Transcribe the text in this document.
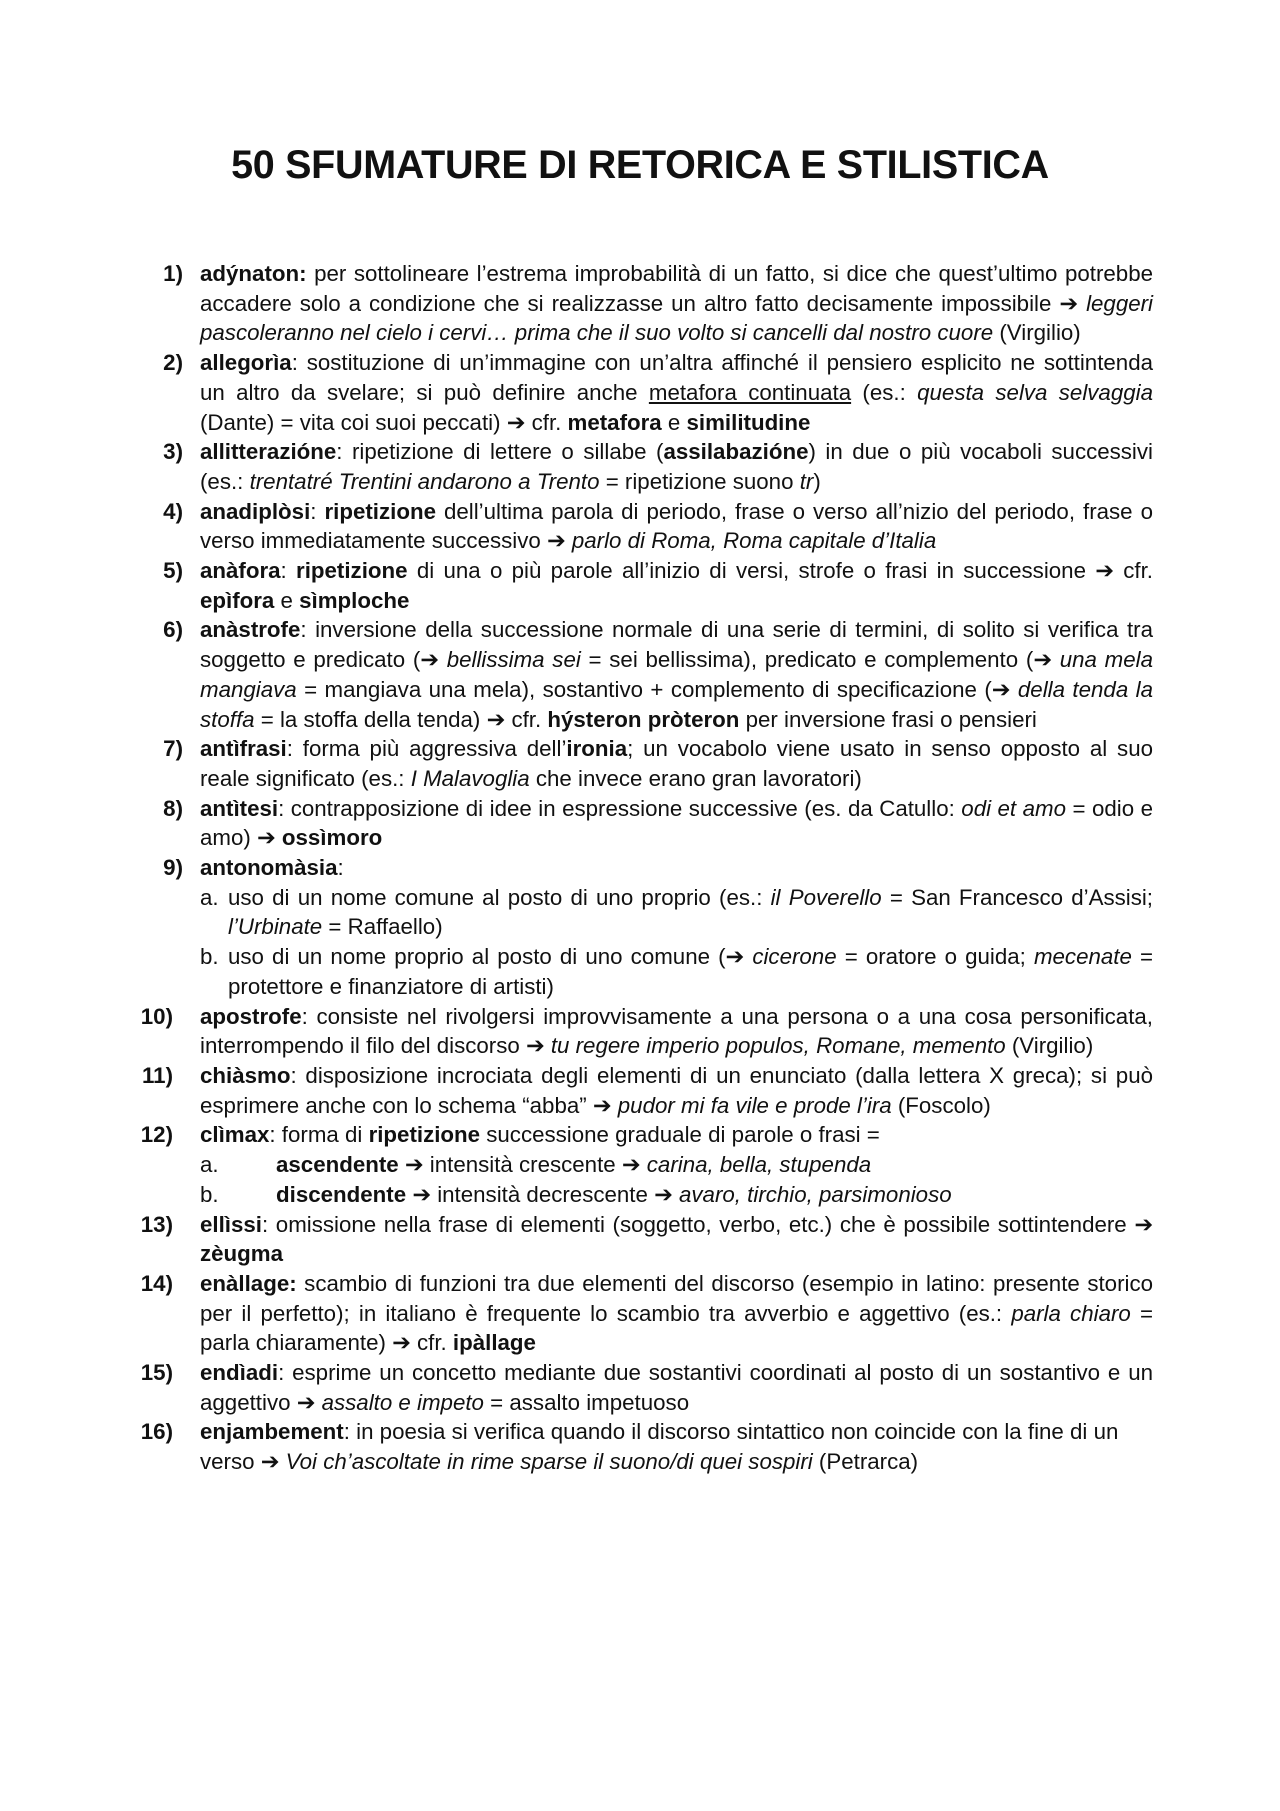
50 SFUMATURE DI RETORICA E STILISTICA
1) adýnaton: per sottolineare l’estrema improbabilità di un fatto, si dice che quest’ultimo potrebbe accadere solo a condizione che si realizzasse un altro fatto decisamente impossibile ➔ leggeri pascoleranno nel cielo i cervi… prima che il suo volto si cancelli dal nostro cuore (Virgilio)
2) allegorìa: sostituzione di un’immagine con un’altra affinché il pensiero esplicito ne sottintenda un altro da svelare; si può definire anche metafora continuata (es.: questa selva selvaggia (Dante) = vita coi suoi peccati) ➔ cfr. metafora e similitudine
3) allitterazióne: ripetizione di lettere o sillabe (assilabazióne) in due o più vocaboli successivi (es.: trentatré Trentini andarono a Trento = ripetizione suono tr)
4) anadiplòsi: ripetizione dell’ultima parola di periodo, frase o verso all’nizio del periodo, frase o verso immediatamente successivo ➔ parlo di Roma, Roma capitale d’Italia
5) anàfora: ripetizione di una o più parole all’inizio di versi, strofe o frasi in successione ➔ cfr. epìfora e sìmploche
6) anàstrofe: inversione della successione normale di una serie di termini, di solito si verifica tra soggetto e predicato (➔ bellissima sei = sei bellissima), predicato e complemento (➔ una mela mangiava = mangiava una mela), sostantivo + complemento di specificazione (➔ della tenda la stoffa = la stoffa della tenda) ➔ cfr. hýsteron pròteron per inversione frasi o pensieri
7) antìfrasi: forma più aggressiva dell’ironia; un vocabolo viene usato in senso opposto al suo reale significato (es.: I Malavoglia che invece erano gran lavoratori)
8) antìtesi: contrapposizione di idee in espressione successive (es. da Catullo: odi et amo = odio e amo) ➔ ossìmoro
9) antonomàsia:
a. uso di un nome comune al posto di uno proprio (es.: il Poverello = San Francesco d’Assisi; l’Urbinate = Raffaello)
b. uso di un nome proprio al posto di uno comune (➔ cicerone = oratore o guida; mecenate = protettore e finanziatore di artisti)
10) apostrofe: consiste nel rivolgersi improvvisamente a una persona o a una cosa personificata, interrompendo il filo del discorso ➔ tu regere imperio populos, Romane, memento (Virgilio)
11) chiàsmo: disposizione incrociata degli elementi di un enunciato (dalla lettera X greca); si può esprimere anche con lo schema “abba” ➔ pudor mi fa vile e prode l’ira (Foscolo)
12) clìmax: forma di ripetizione successione graduale di parole o frasi =
a.	ascendente ➔ intensità crescente ➔ carina, bella, stupenda
b.	discendente ➔ intensità decrescente ➔ avaro, tirchio, parsimonioso
13) ellìssi: omissione nella frase di elementi (soggetto, verbo, etc.) che è possibile sottintendere ➔ zèugma
14) enàllage: scambio di funzioni tra due elementi del discorso (esempio in latino: presente storico per il perfetto); in italiano è frequente lo scambio tra avverbio e aggettivo (es.: parla chiaro = parla chiaramente) ➔ cfr. ipàllage
15) endìadi: esprime un concetto mediante due sostantivi coordinati al posto di un sostantivo e un aggettivo ➔ assalto e impeto = assalto impetuoso
16) enjambement: in poesia si verifica quando il discorso sintattico non coincide con la fine di un verso ➔ Voi ch’ascoltate in rime sparse il suono/di quei sospiri (Petrarca)
